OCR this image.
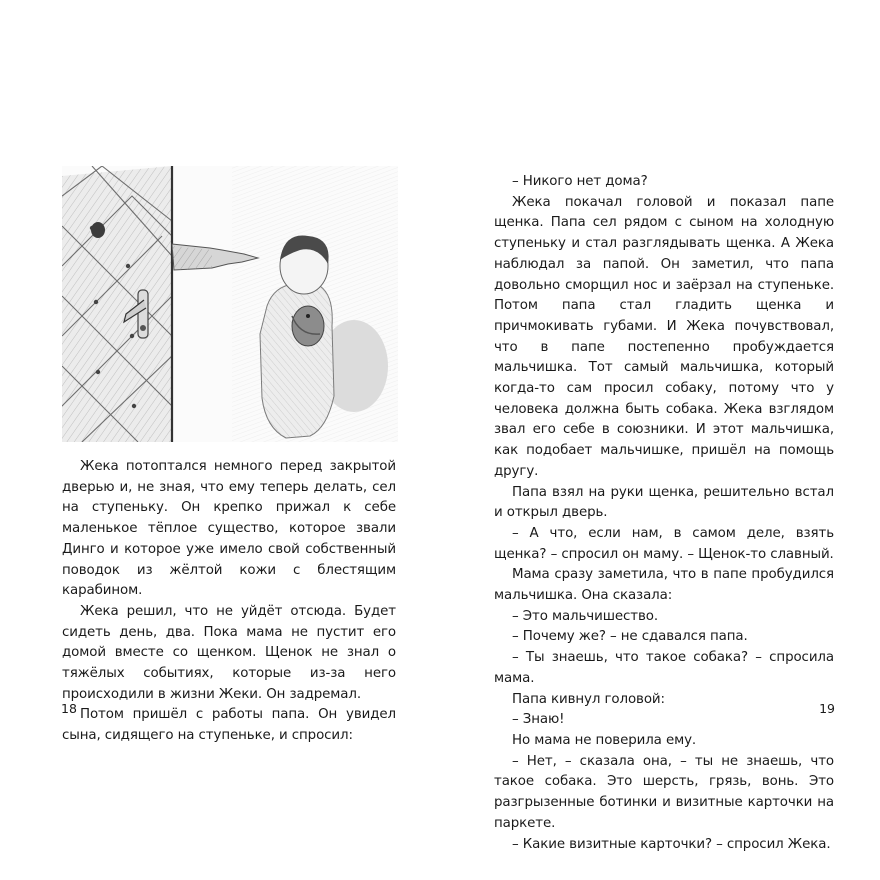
Жека потоптался немного перед закрытой дверью и, не зная, что ему теперь делать, сел на ступеньку. Он крепко прижал к себе маленькое тёплое существо, которое звали Динго и которое уже имело свой собственный поводок из жёлтой кожи с блестящим карабином.

Жека решил, что не уйдёт отсюда. Будет сидеть день, два. Пока мама не пустит его домой вместе со щенком. Щенок не знал о тяжёлых событиях, которые из-за него происходили в жизни Жеки. Он задремал.

Потом пришёл с работы папа. Он увидел сына, сидящего на ступеньке, и спросил:

18

– Никого нет дома?

Жека покачал головой и показал папе щенка. Папа сел рядом с сыном на холодную ступеньку и стал разглядывать щенка. А Жека наблюдал за папой. Он заметил, что папа довольно сморщил нос и заёрзал на ступеньке. Потом папа стал гладить щенка и причмокивать губами. И Жека почувствовал, что в папе постепенно пробуждается мальчишка. Тот самый мальчишка, который когда-то сам просил собаку, потому что у человека должна быть собака. Жека взглядом звал его себе в союзники. И этот мальчишка, как подобает мальчишке, пришёл на помощь другу.

Папа взял на руки щенка, решительно встал и открыл дверь.

– А что, если нам, в самом деле, взять щенка? – спросил он маму. – Щенок-то славный.

Мама сразу заметила, что в папе пробудился мальчишка. Она сказала:

– Это мальчишество.

– Почему же? – не сдавался папа.

– Ты знаешь, что такое собака? – спросила мама.

Папа кивнул головой:

– Знаю!

Но мама не поверила ему.

– Нет, – сказала она, – ты не знаешь, что такое собака. Это шерсть, грязь, вонь. Это разгрызенные ботинки и визитные карточки на паркете.

– Какие визитные карточки? – спросил Жека.

19
